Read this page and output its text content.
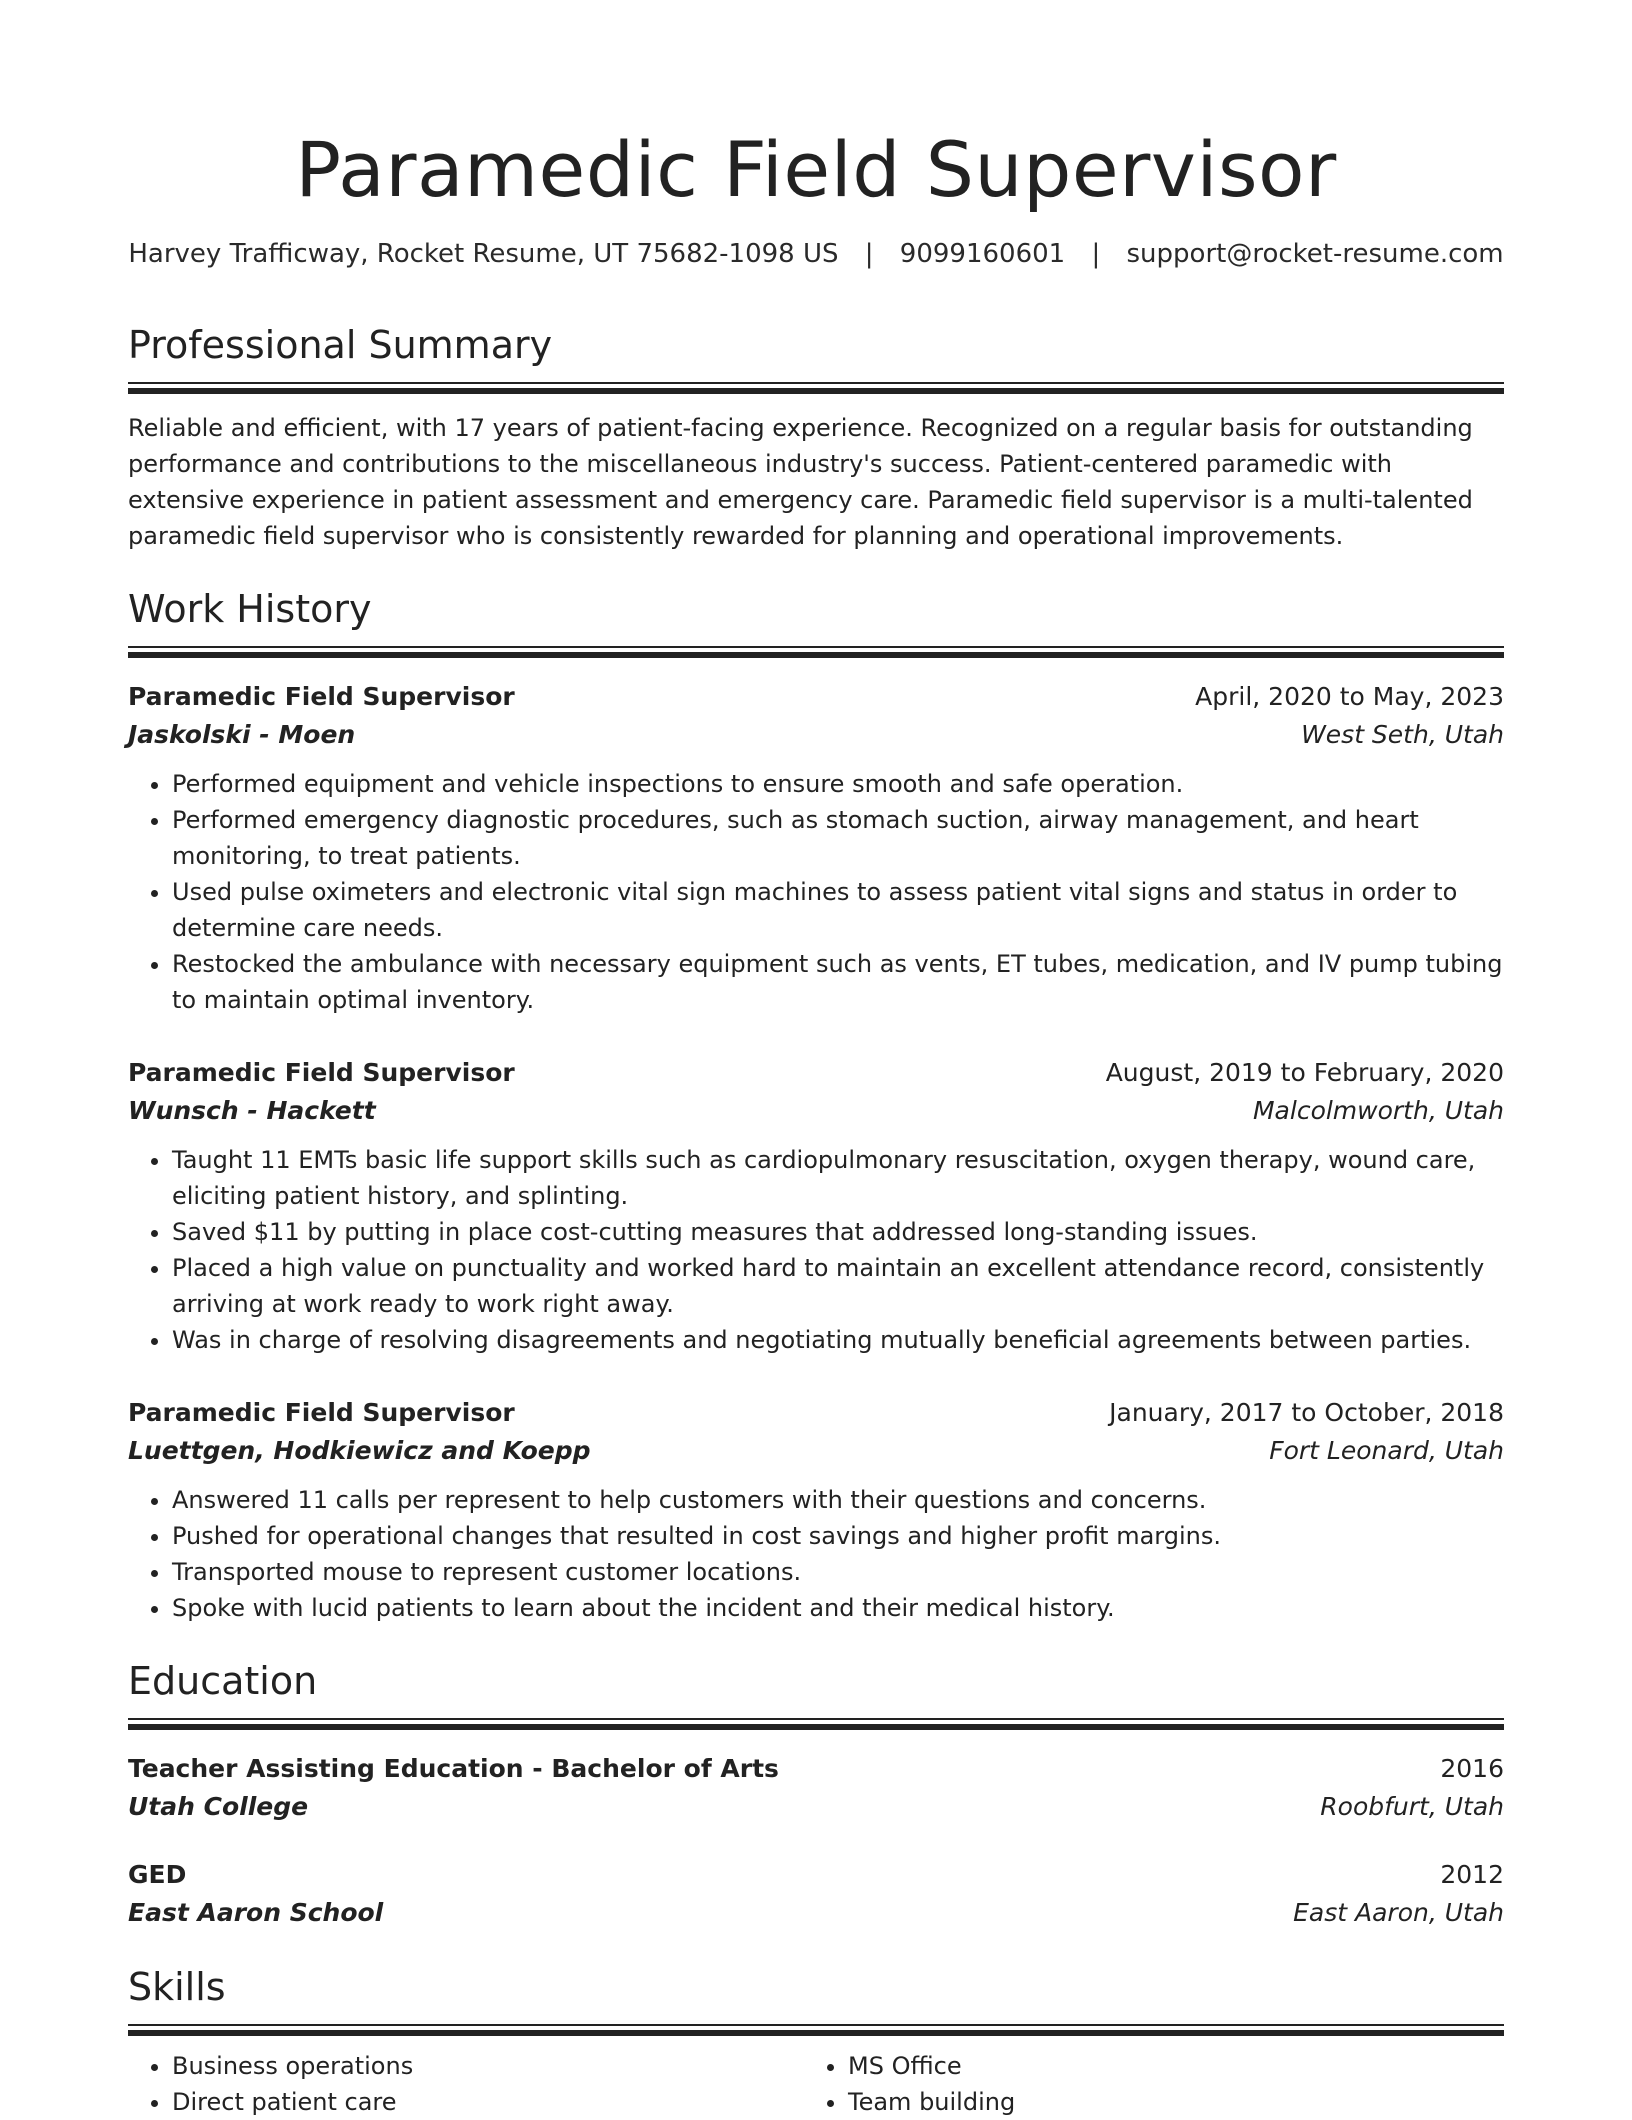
Paramedic Field Supervisor
Harvey Trafficway, Rocket Resume, UT 75682-1098 US | 9099160601 | support@rocket-resume.com
Professional Summary

Reliable and efficient, with 17 years of patient-facing experience. Recognized on a regular basis for outstanding performance and contributions to the miscellaneous industry's success. Patient-centered paramedic with extensive experience in patient assessment and emergency care. Paramedic field supervisor is a multi-talented paramedic field supervisor who is consistently rewarded for planning and operational improvements.

Work History
Paramedic Field Supervisor	April, 2020 to May, 2023
Jaskolski - Moen	West Seth, Utah
• Performed equipment and vehicle inspections to ensure smooth and safe operation.
• Performed emergency diagnostic procedures, such as stomach suction, airway management, and heart monitoring, to treat patients.
• Used pulse oximeters and electronic vital sign machines to assess patient vital signs and status in order to determine care needs.
• Restocked the ambulance with necessary equipment such as vents, ET tubes, medication, and IV pump tubing to maintain optimal inventory.
Paramedic Field Supervisor	August, 2019 to February, 2020
Wunsch - Hackett	Malcolmworth, Utah
• Taught 11 EMTs basic life support skills such as cardiopulmonary resuscitation, oxygen therapy, wound care, eliciting patient history, and splinting.
• Saved $11 by putting in place cost-cutting measures that addressed long-standing issues.
• Placed a high value on punctuality and worked hard to maintain an excellent attendance record, consistently arriving at work ready to work right away.
• Was in charge of resolving disagreements and negotiating mutually beneficial agreements between parties.
Paramedic Field Supervisor	January, 2017 to October, 2018
Luettgen, Hodkiewicz and Koepp	Fort Leonard, Utah
• Answered 11 calls per represent to help customers with their questions and concerns.
• Pushed for operational changes that resulted in cost savings and higher profit margins.
• Transported mouse to represent customer locations.
• Spoke with lucid patients to learn about the incident and their medical history.
Education
Teacher Assisting Education - Bachelor of Arts	2016
Utah College	Roobfurt, Utah
GED	2012
East Aaron School	East Aaron, Utah
Skills
• Business operations
• Direct patient care
• MS Office
• Team building
